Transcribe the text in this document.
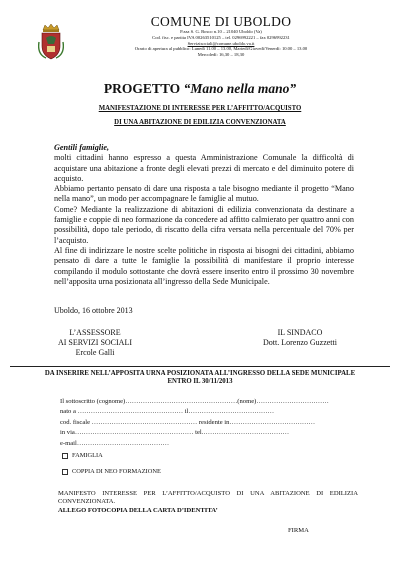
COMUNE DI UBOLDO
P.zza S. G. Bosco n.10 – 21040 Uboldo (Va)
Cod. fisc. e partita IVA 00263510125 – tel. 0296992221 – fax 0296992231
Servizisociali@comune.uboldo.va.it
Orario di apertura al pubblico: Lunedì 11.00 – 13.00, Martedì/Giovedì/Venerdì: 10.00 – 13.00
Mercoledì: 16,30 – 18,30
PROGETTO “Mano nella mano”
MANIFESTAZIONE DI INTERESSE PER L’AFFITTO/ACQUISTO
DI UNA ABITAZIONE DI EDILIZIA CONVENZIONATA

Gentili famiglie,

molti cittadini hanno espresso a questa Amministrazione Comunale la difficoltà di acquistare una abitazione a fronte degli elevati prezzi di mercato e del diminuito potere di acquisto.

Abbiamo pertanto pensato di dare una risposta a tale bisogno mediante il progetto “Mano nella mano”, un modo per accompagnare le famiglie al mutuo.

Come? Mediante la realizzazione di abitazioni di edilizia convenzionata da destinare a famiglie e coppie di neo formazione da concedere ad affitto calmierato per quattro anni con possibilità, dopo tale periodo, di riscatto della cifra versata nella percentuale del 70% per l’acquisto.

Al fine di indirizzare le nostre scelte politiche in risposta ai bisogni dei cittadini, abbiamo pensato di dare a tutte le famiglie la possibilità di manifestare il proprio interesse compilando il modulo sottostante che dovrà essere inserito entro il prossimo 30 novembre nell’apposita urna posizionata all’ingresso della Sede Municipale.

Uboldo, 16 ottobre 2013
L’ASSESSORE
AI SERVIZI SOCIALI
Ercole Galli
IL SINDACO
Dott. Lorenzo Guzzetti
DA INSERIRE NELL’APPOSITA URNA POSIZIONATA ALL’INGRESSO DELLA SEDE MUNICIPALE
ENTRO IL 30/11/2013
Il sottoscritto (cognome)……………………………………………(nome)……………………………
nato a ………………………………………… il…………………………………
cod. fiscale ………………………………………… residente in…………………………………
in via……………………………………………… tel.…………………………………
e-mail……………………………………
FAMIGLIA
COPPIA DI NEO FORMAZIONE
MANIFESTO INTERESSE PER L’AFFITTO/ACQUISTO DI UNA ABITAZIONE DI EDILIZIA CONVENZIONATA.
ALLEGO FOTOCOPIA DELLA CARTA D’IDENTITA’
FIRMA
